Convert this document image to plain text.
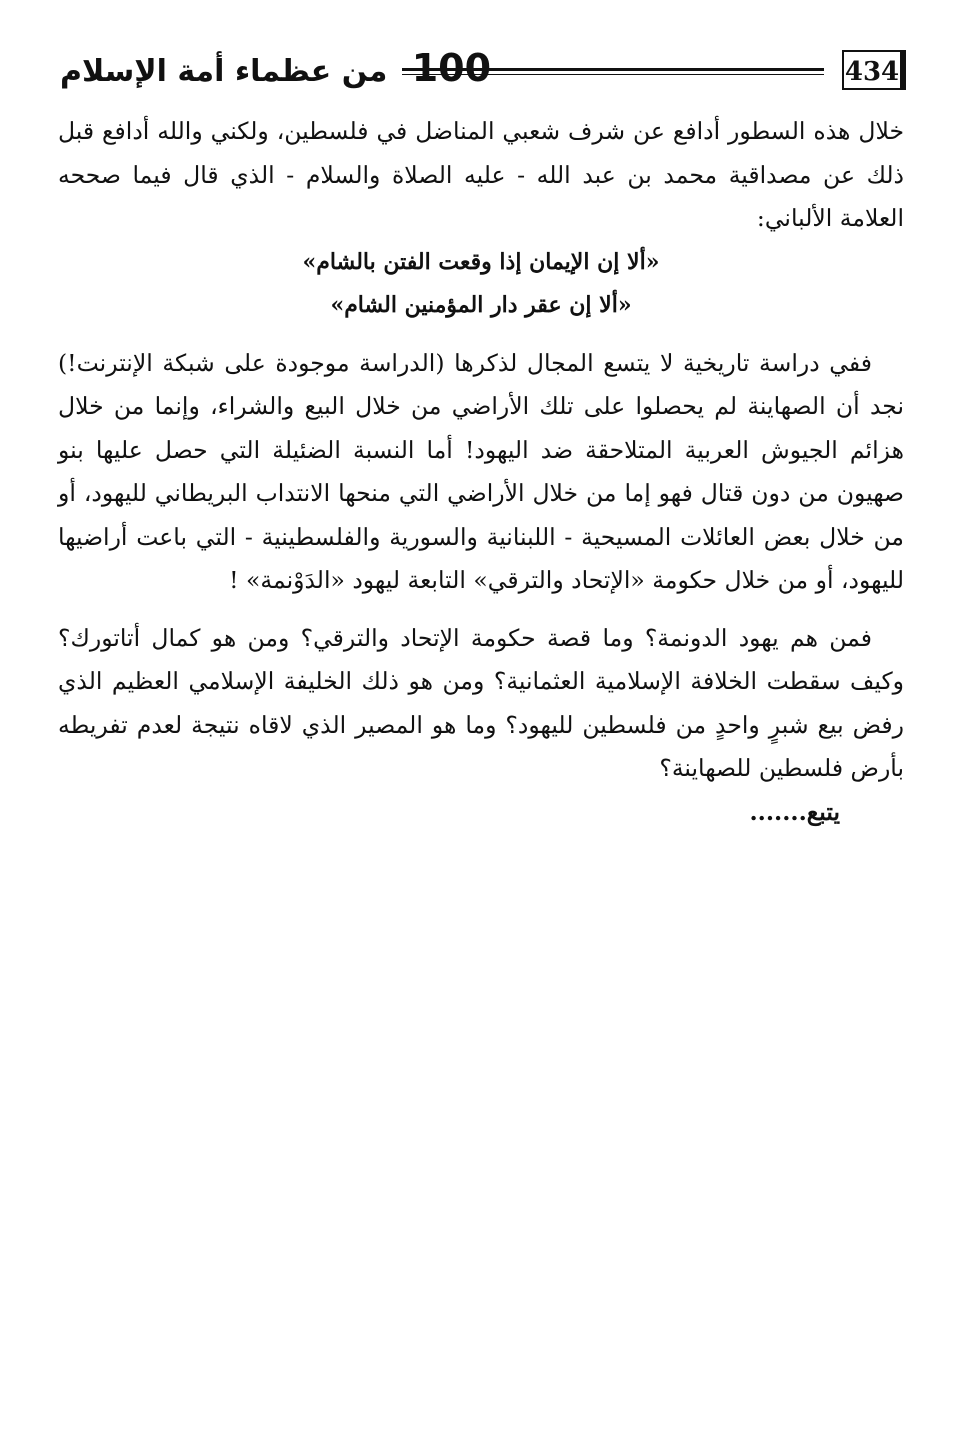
100 من عظماء أمة الإسلام	434

خلال هذه السطور أدافع عن شرف شعبي المناضل في فلسطين، ولكني والله أدافع قبل ذلك عن مصداقية محمد بن عبد الله - عليه الصلاة والسلام - الذي قال فيما صححه العلامة الألباني:

«ألا إن الإيمان إذا وقعت الفتن بالشام»

«ألا إن عقر دار المؤمنين الشام»

ففي دراسة تاريخية لا يتسع المجال لذكرها (الدراسة موجودة على شبكة الإنترنت!) نجد أن الصهاينة لم يحصلوا على تلك الأراضي من خلال البيع والشراء، وإنما من خلال هزائم الجيوش العربية المتلاحقة ضد اليهود! أما النسبة الضئيلة التي حصل عليها بنو صهيون من دون قتال فهو إما من خلال الأراضي التي منحها الانتداب البريطاني لليهود، أو من خلال بعض العائلات المسيحية - اللبنانية والسورية والفلسطينية - التي باعت أراضيها لليهود، أو من خلال حكومة «الإتحاد والترقي» التابعة ليهود «الدَوْنمة» !

فمن هم يهود الدونمة؟ وما قصة حكومة الإتحاد والترقي؟ ومن هو كمال أتاتورك؟ وكيف سقطت الخلافة الإسلامية العثمانية؟ ومن هو ذلك الخليفة الإسلامي العظيم الذي رفض بيع شبرٍ واحدٍ من فلسطين لليهود؟ وما هو المصير الذي لاقاه نتيجة لعدم تفريطه بأرض فلسطين للصهاينة؟

يتبع.......
